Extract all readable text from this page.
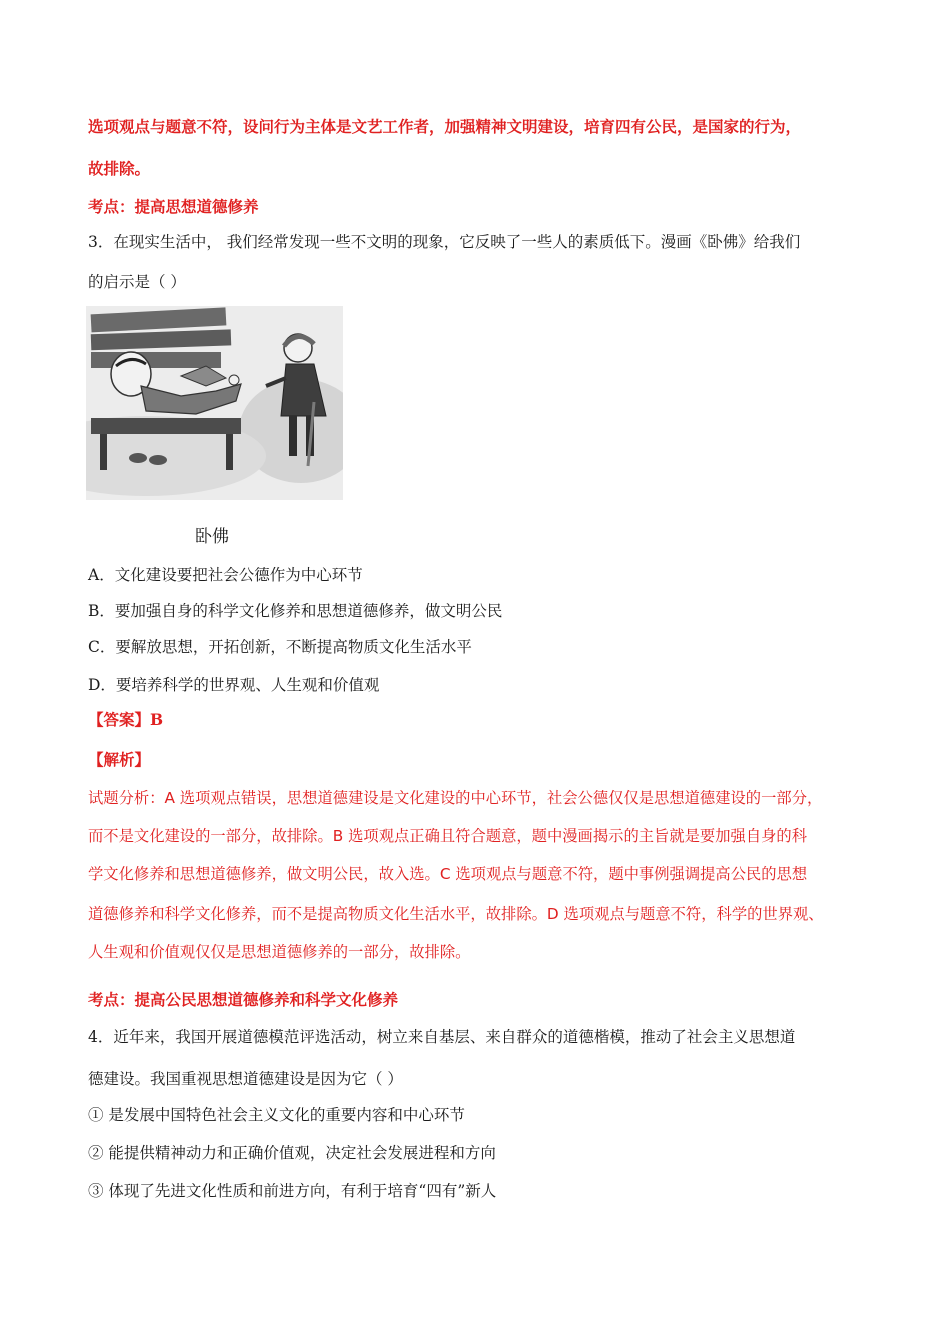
选项观点与题意不符，设问行为主体是文艺工作者，加强精神文明建设，培育四有公民，是国家的行为，
故排除。
考点：提高思想道德修养
3．在现实生活中， 我们经常发现一些不文明的现象，它反映了一些人的素质低下。漫画《卧佛》给我们
的启示是（ ）
卧佛
A．文化建设要把社会公德作为中心环节
B．要加强自身的科学文化修养和思想道德修养，做文明公民
C．要解放思想，开拓创新，不断提高物质文化生活水平
D．要培养科学的世界观、人生观和价值观
【答案】B
【解析】
试题分析：A 选项观点错误，思想道德建设是文化建设的中心环节，社会公德仅仅是思想道德建设的一部分，
而不是文化建设的一部分，故排除。B 选项观点正确且符合题意，题中漫画揭示的主旨就是要加强自身的科
学文化修养和思想道德修养，做文明公民，故入选。C 选项观点与题意不符，题中事例强调提高公民的思想
道德修养和科学文化修养，而不是提高物质文化生活水平，故排除。D 选项观点与题意不符，科学的世界观、
人生观和价值观仅仅是思想道德修养的一部分，故排除。
考点：提高公民思想道德修养和科学文化修养
4．近年来，我国开展道德模范评选活动，树立来自基层、来自群众的道德楷模，推动了社会主义思想道
德建设。我国重视思想道德建设是因为它（ ）
① 是发展中国特色社会主义文化的重要内容和中心环节
② 能提供精神动力和正确价值观，决定社会发展进程和方向
③ 体现了先进文化性质和前进方向，有利于培育“四有”新人
